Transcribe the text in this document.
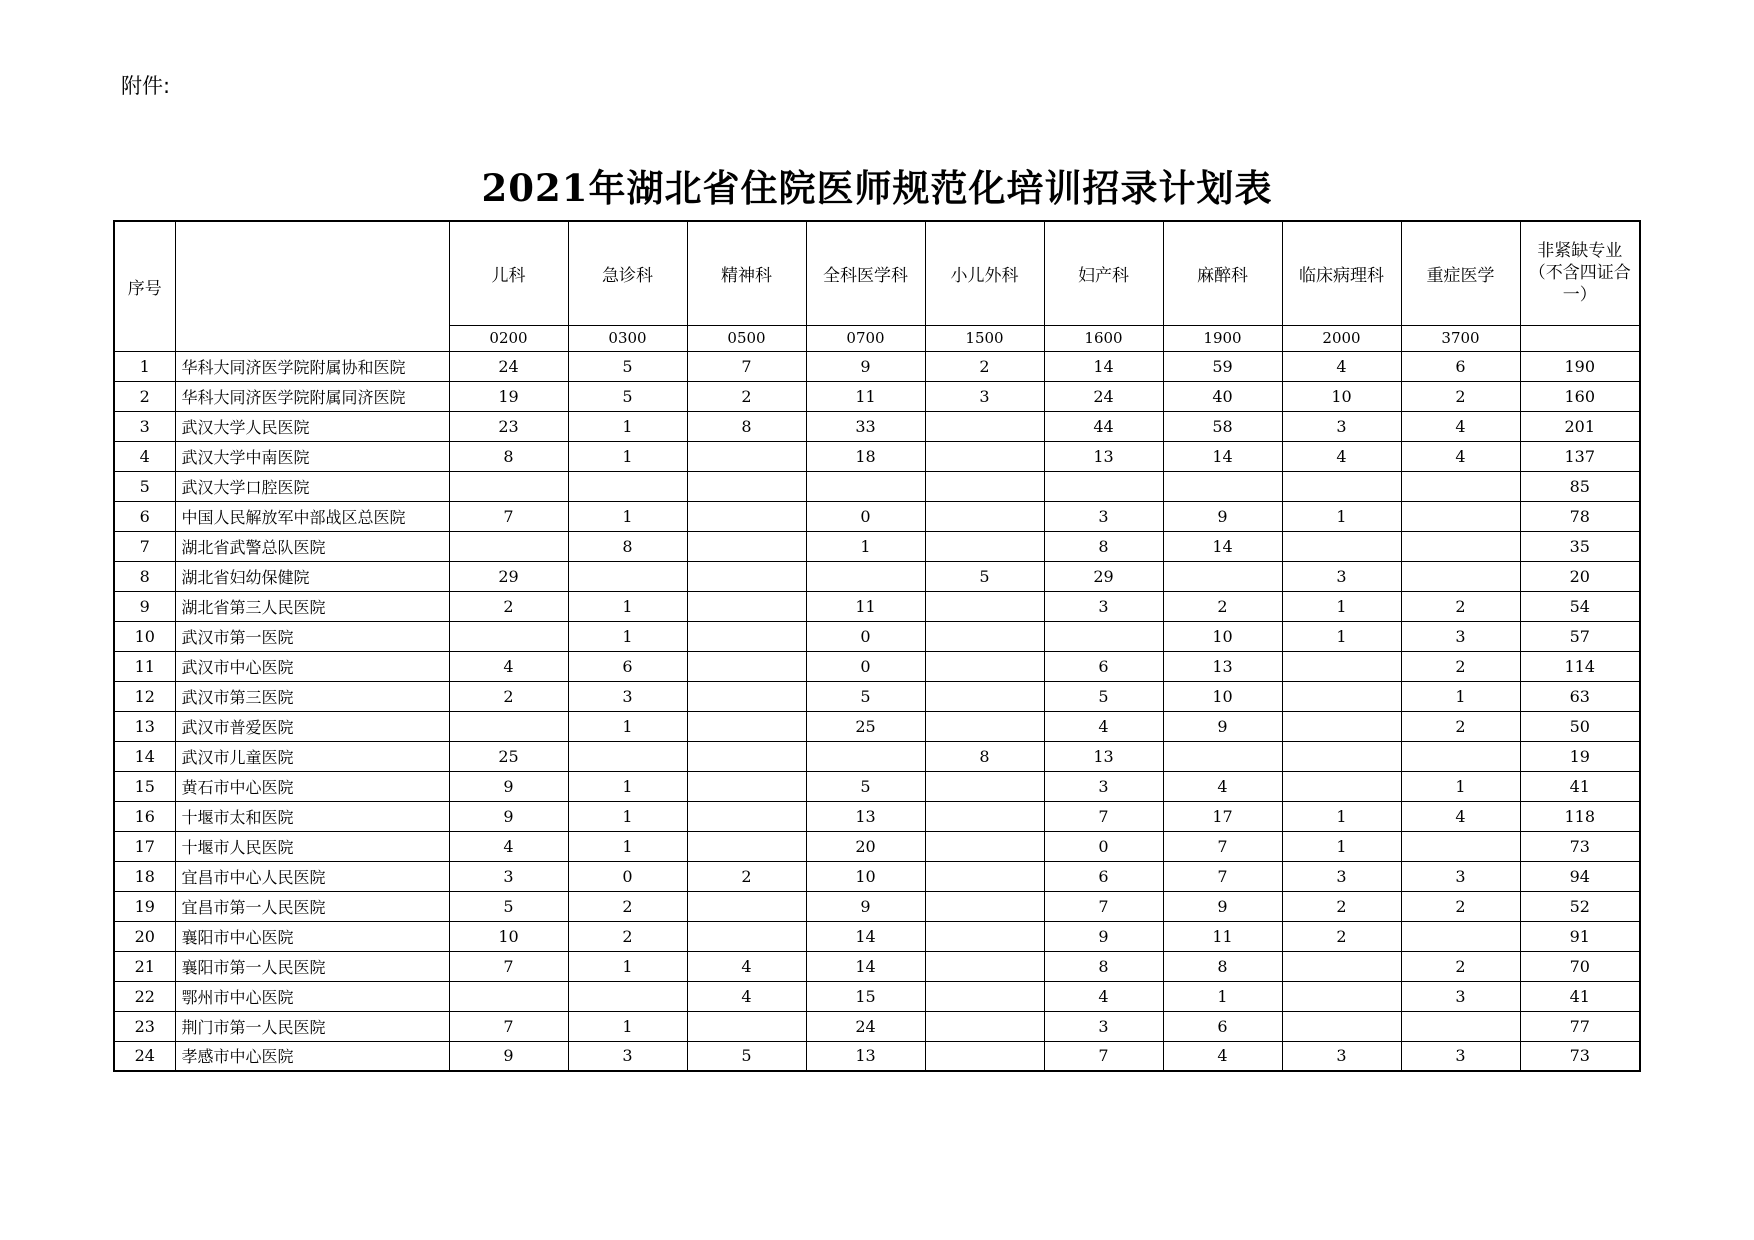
附件:
2021年湖北省住院医师规范化培训招录计划表
序号		儿科	急诊科	精神科	全科医学科	小儿外科	妇产科	麻醉科	临床病理科	重症医学	非紧缺专业（不含四证合一）
		0200	0300	0500	0700	1500	1600	1900	2000	3700	
1	华科大同济医学院附属协和医院	24	5	7	9	2	14	59	4	6	190
2	华科大同济医学院附属同济医院	19	5	2	11	3	24	40	10	2	160
3	武汉大学人民医院	23	1	8	33		44	58	3	4	201
4	武汉大学中南医院	8	1		18		13	14	4	4	137
5	武汉大学口腔医院										85
6	中国人民解放军中部战区总医院	7	1		0		3	9	1		78
7	湖北省武警总队医院		8		1		8	14			35
8	湖北省妇幼保健院	29				5	29		3		20
9	湖北省第三人民医院	2	1		11		3	2	1	2	54
10	武汉市第一医院		1		0			10	1	3	57
11	武汉市中心医院	4	6		0		6	13		2	114
12	武汉市第三医院	2	3		5		5	10		1	63
13	武汉市普爱医院		1		25		4	9		2	50
14	武汉市儿童医院	25				8	13				19
15	黄石市中心医院	9	1		5		3	4		1	41
16	十堰市太和医院	9	1		13		7	17	1	4	118
17	十堰市人民医院	4	1		20		0	7	1		73
18	宜昌市中心人民医院	3	0	2	10		6	7	3	3	94
19	宜昌市第一人民医院	5	2		9		7	9	2	2	52
20	襄阳市中心医院	10	2		14		9	11	2		91
21	襄阳市第一人民医院	7	1	4	14		8	8		2	70
22	鄂州市中心医院			4	15		4	1		3	41
23	荆门市第一人民医院	7	1		24		3	6			77
24	孝感市中心医院	9	3	5	13		7	4	3	3	73
